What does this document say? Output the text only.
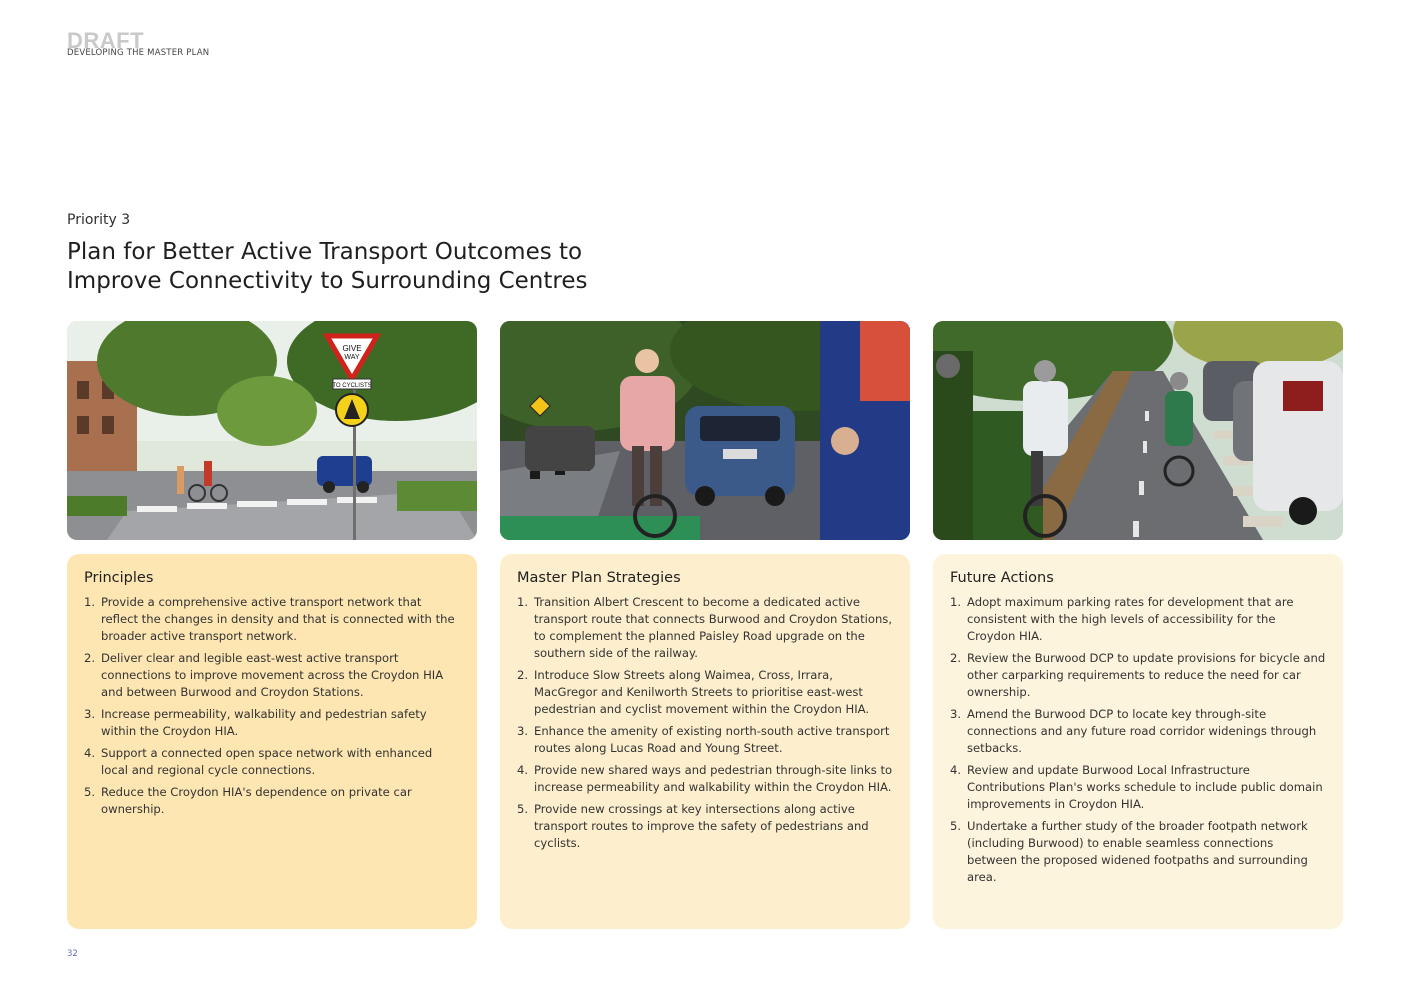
DRAFT
DEVELOPING THE MASTER PLAN
Priority 3
Plan for Better Active Transport Outcomes to
Improve Connectivity to Surrounding Centres
GIVE
WAY
TO CYCLISTS
Principles
1. Provide a comprehensive active transport network that reflect the changes in density and that is connected with the broader active transport network.
2. Deliver clear and legible east-west active transport connections to improve movement across the Croydon HIA and between Burwood and Croydon Stations.
3. Increase permeability, walkability and pedestrian safety within the Croydon HIA.
4. Support a connected open space network with enhanced local and regional cycle connections.
5. Reduce the Croydon HIA's dependence on private car ownership.
Master Plan Strategies
1. Transition Albert Crescent to become a dedicated active transport route that connects Burwood and Croydon Stations, to complement the planned Paisley Road upgrade on the southern side of the railway.
2. Introduce Slow Streets along Waimea, Cross, Irrara, MacGregor and Kenilworth Streets to prioritise east-west pedestrian and cyclist movement within the Croydon HIA.
3. Enhance the amenity of existing north-south active transport routes along Lucas Road and Young Street.
4. Provide new shared ways and pedestrian through-site links to increase permeability and walkability within the Croydon HIA.
5. Provide new crossings at key intersections along active transport routes to improve the safety of pedestrians and cyclists.
Future Actions
1. Adopt maximum parking rates for development that are consistent with the high levels of accessibility for the Croydon HIA.
2. Review the Burwood DCP to update provisions for bicycle and other carparking requirements to reduce the need for car ownership.
3. Amend the Burwood DCP to locate key through-site connections and any future road corridor widenings through setbacks.
4. Review and update Burwood Local Infrastructure Contributions Plan's works schedule to include public domain improvements in Croydon HIA.
5. Undertake a further study of the broader footpath network (including Burwood) to enable seamless connections between the proposed widened footpaths and surrounding area.
32
